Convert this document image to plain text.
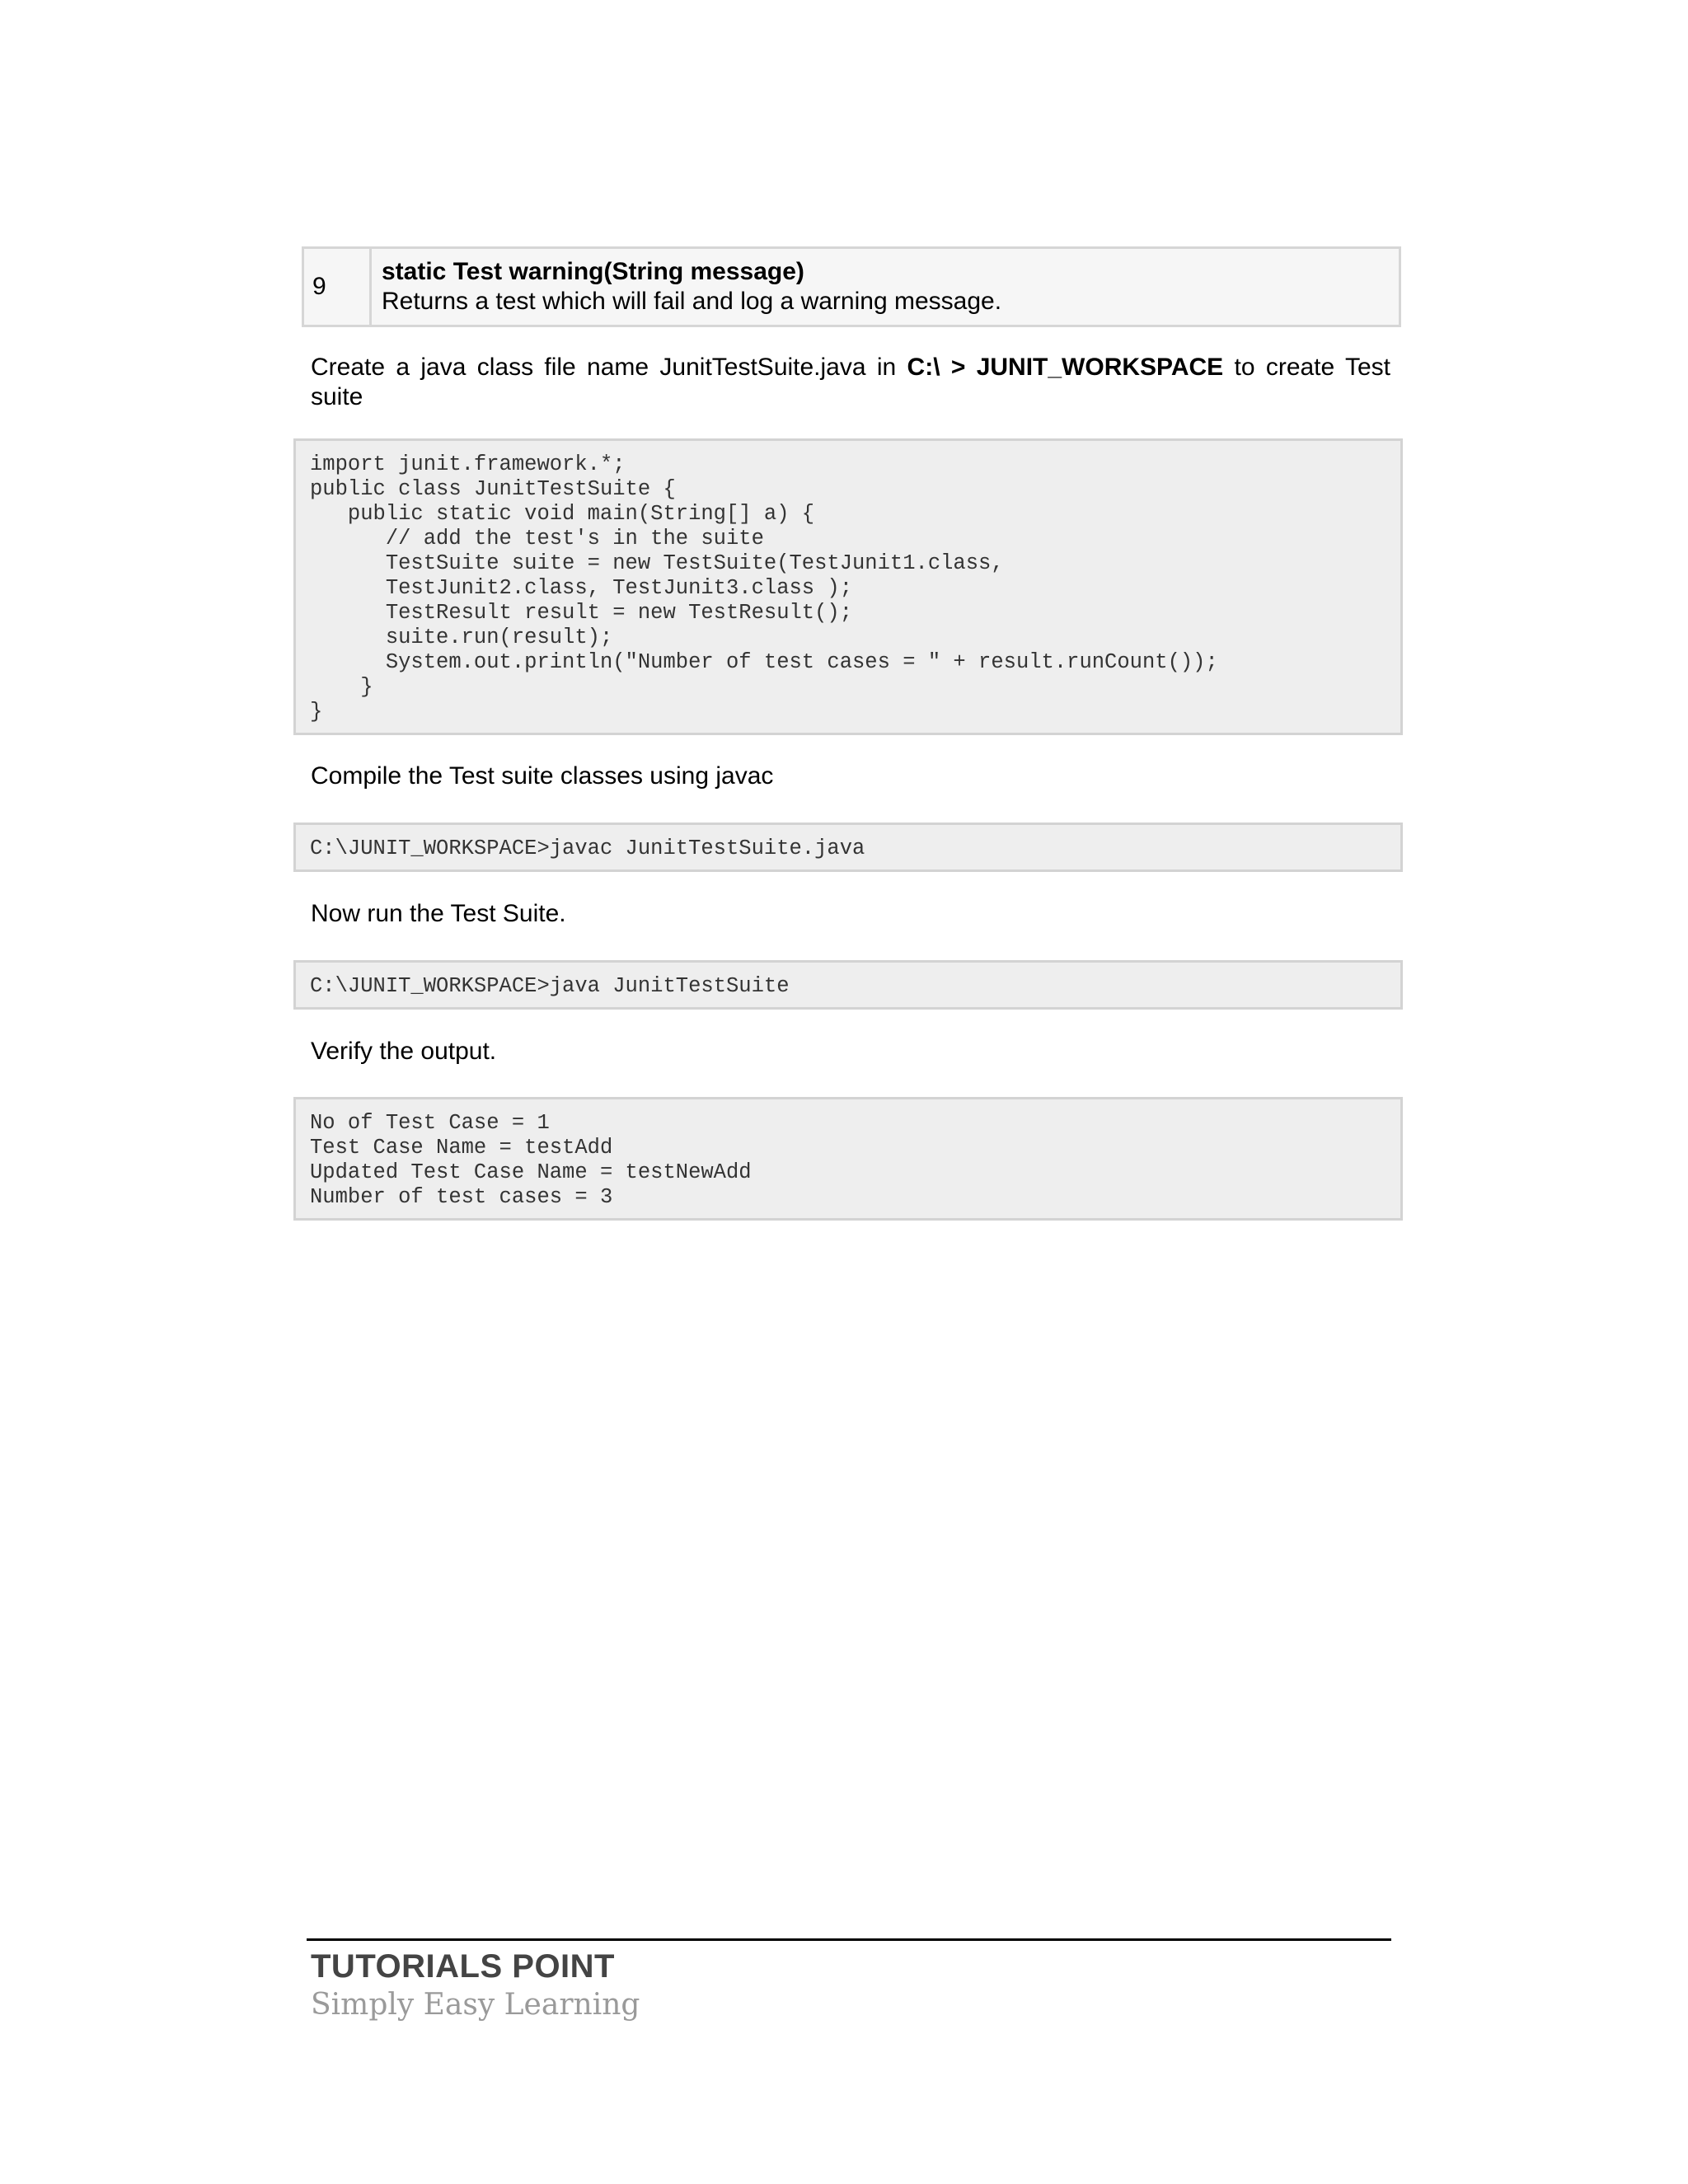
9
static Test warning(String message)
Returns a test which will fail and log a warning message.
Create a java class file name JunitTestSuite.java in C:\ > JUNIT_WORKSPACE to create Test suite
import junit.framework.*;
public class JunitTestSuite {
public static void main(String[] a) {
// add the test's in the suite
TestSuite suite = new TestSuite(TestJunit1.class,
TestJunit2.class, TestJunit3.class );
TestResult result = new TestResult();
suite.run(result);
System.out.println("Number of test cases = " + result.runCount());
}
}
Compile the Test suite classes using javac
C:\JUNIT_WORKSPACE>javac JunitTestSuite.java
Now run the Test Suite.
C:\JUNIT_WORKSPACE>java JunitTestSuite
Verify the output.
No of Test Case = 1
Test Case Name = testAdd
Updated Test Case Name = testNewAdd
Number of test cases = 3
TUTORIALS POINT
Simply Easy Learning
